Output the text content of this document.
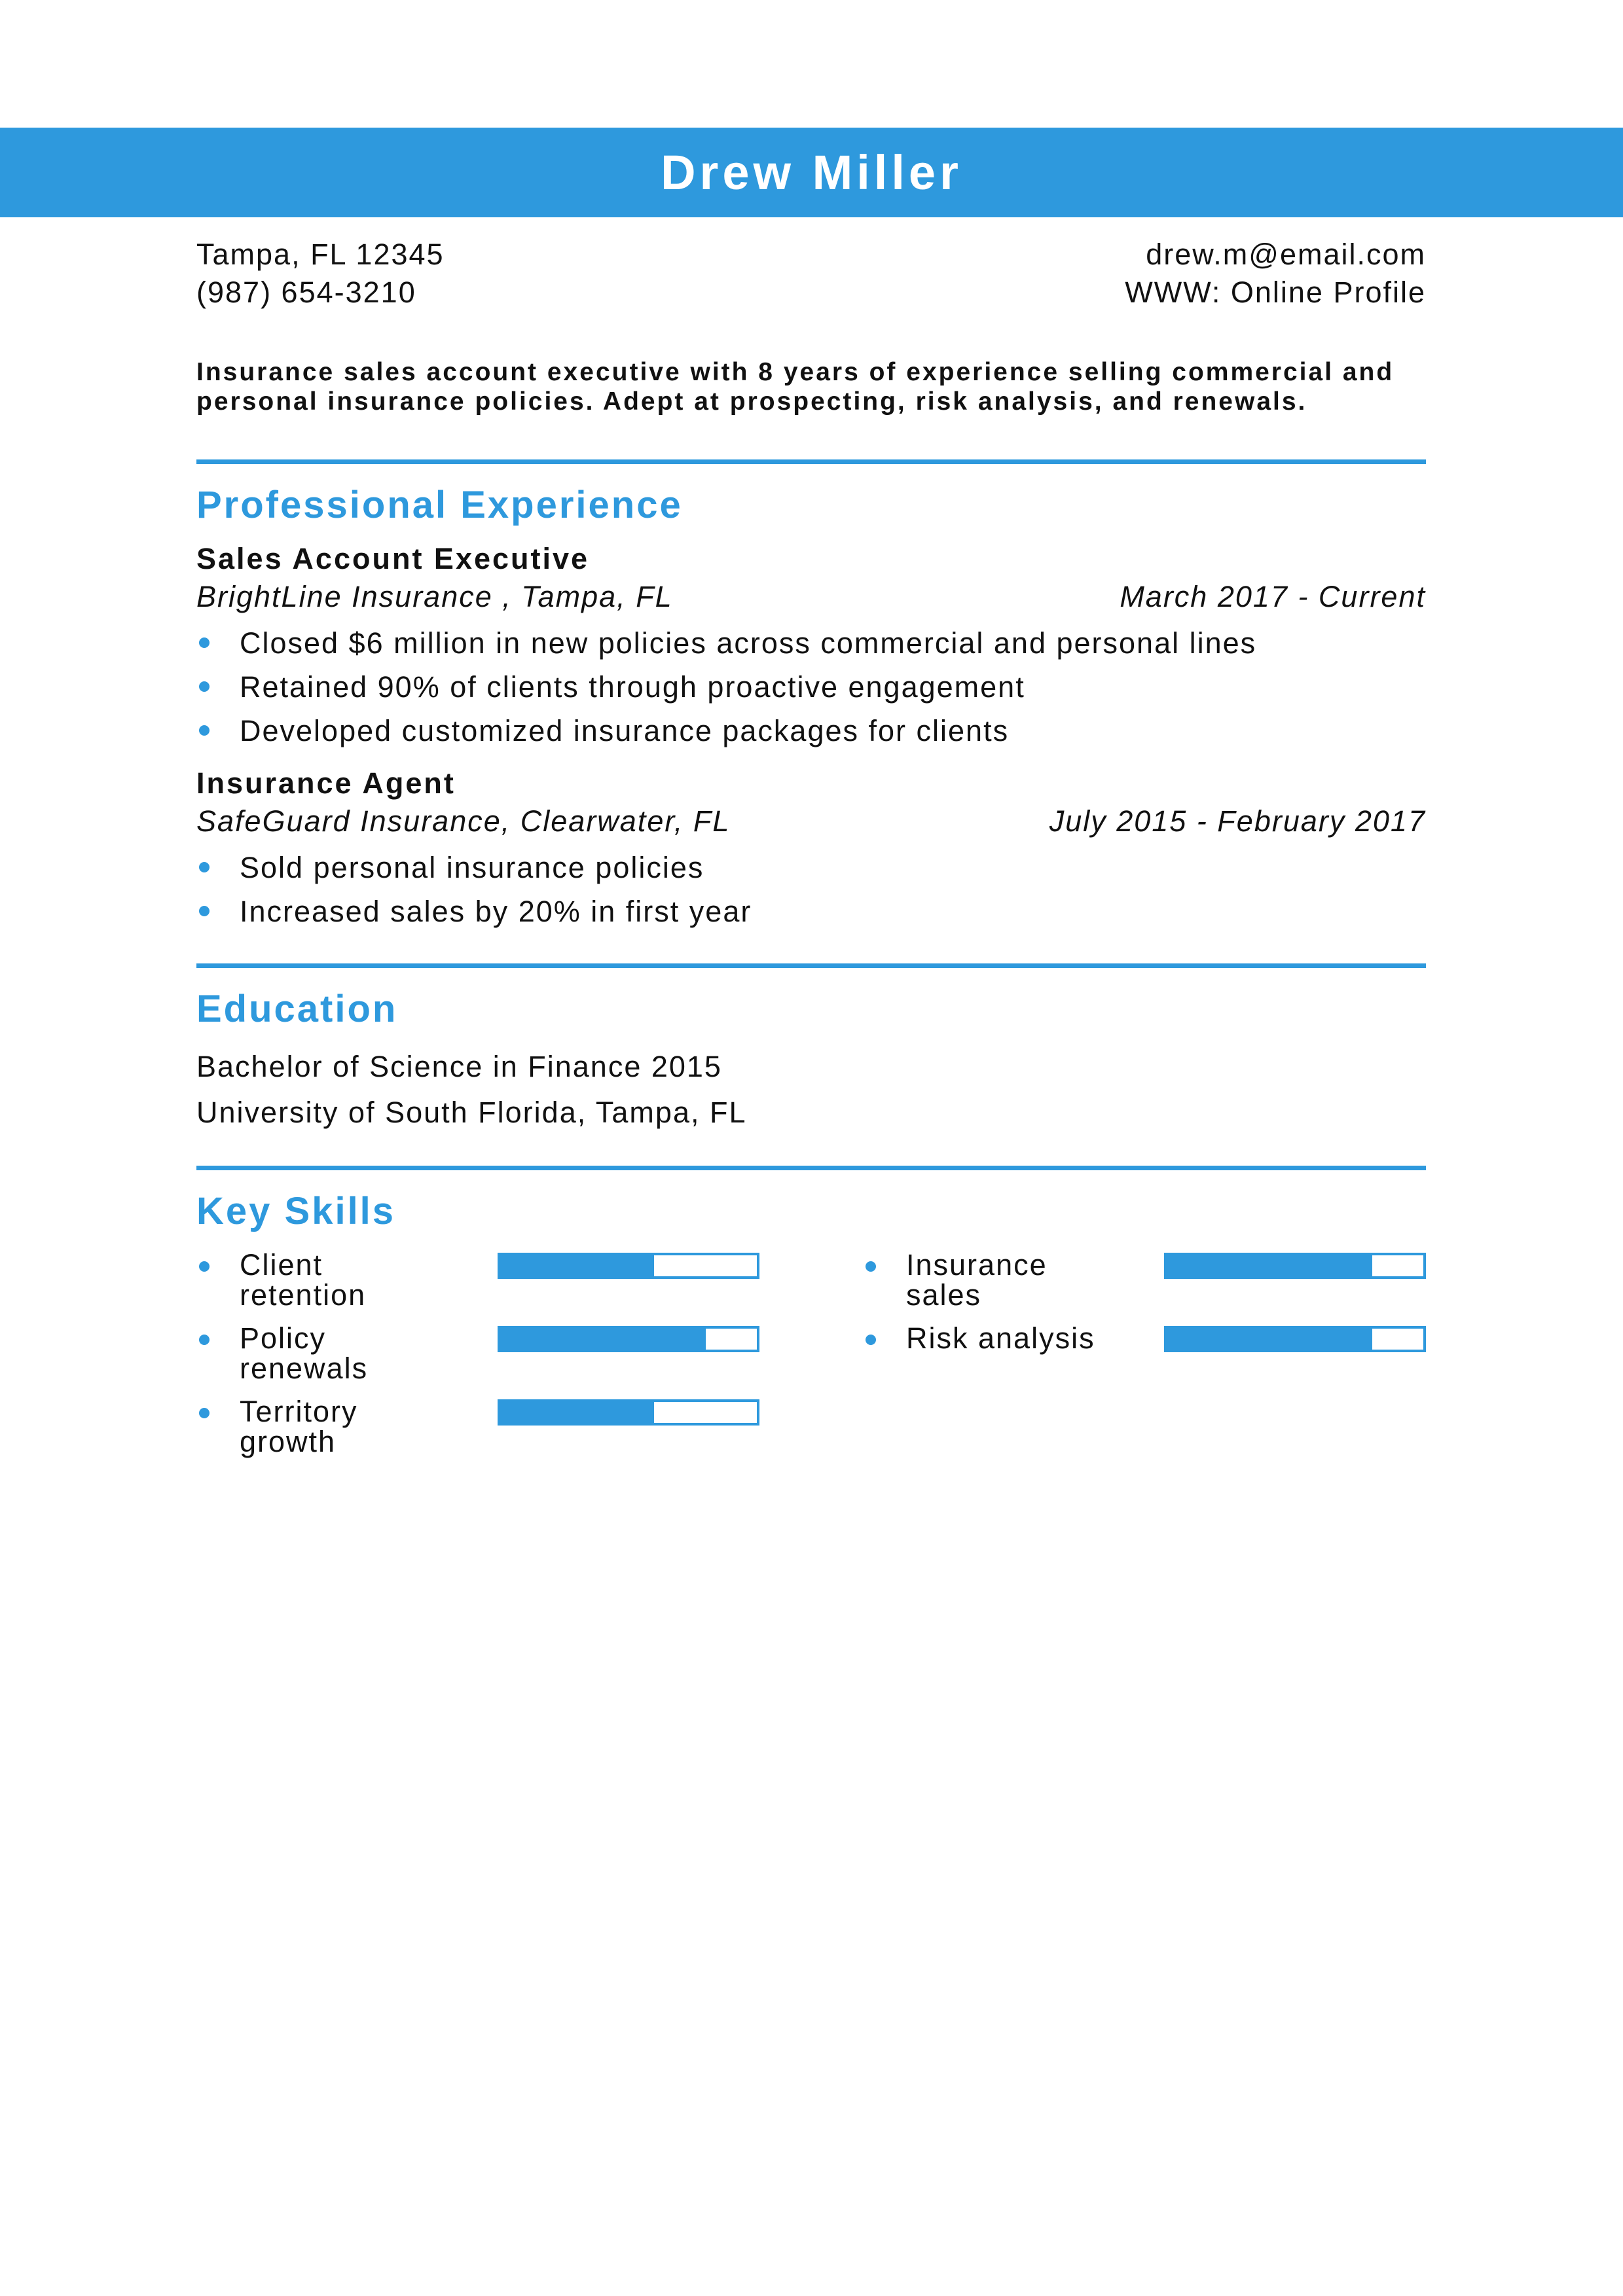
Drew Miller
Tampa, FL 12345
(987) 654-3210
drew.m@email.com
WWW: Online Profile
Insurance sales account executive with 8 years of experience selling commercial and personal insurance policies. Adept at prospecting, risk analysis, and renewals.
Professional Experience
Sales Account Executive
BrightLine Insurance , Tampa, FL	March 2017 - Current
Closed $6 million in new policies across commercial and personal lines
Retained 90% of clients through proactive engagement
Developed customized insurance packages for clients
Insurance Agent
SafeGuard Insurance, Clearwater, FL	July 2015 - February 2017
Sold personal insurance policies
Increased sales by 20% in first year
Education
Bachelor of Science in Finance 2015
University of South Florida, Tampa, FL
Key Skills
Client
retention
Policy
renewals
Territory
growth
Insurance
sales
Risk analysis
